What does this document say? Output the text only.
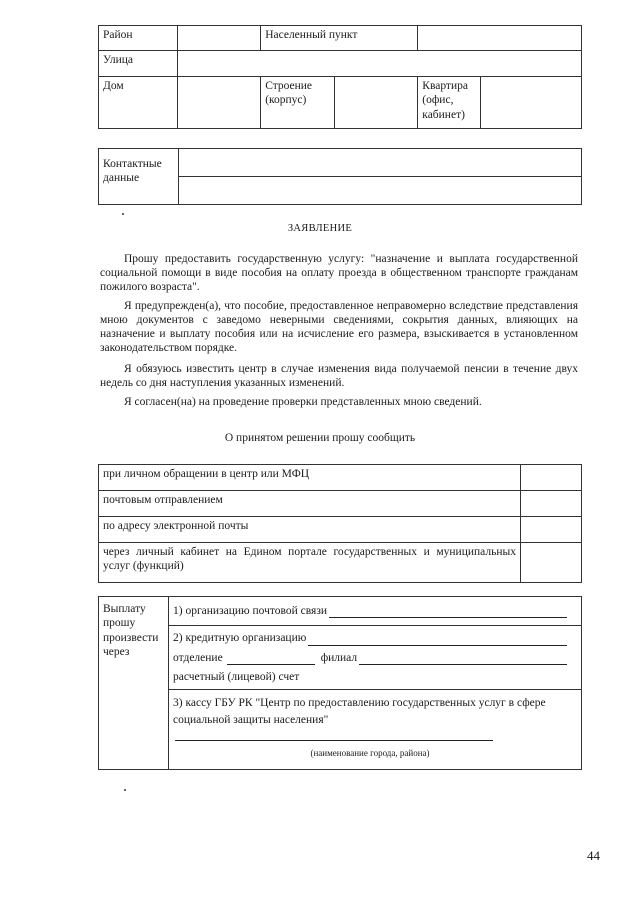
Район		Населенный пункт			
Улица					
Дом		Строение (корпус)		Квартира (офис, кабинет)	
Контактные данные	

ЗАЯВЛЕНИЕ

Прошу предоставить государственную услугу: "назначение и выплата государственной социальной помощи в виде пособия на оплату проезда в общественном транспорте гражданам пожилого возраста".

Я предупрежден(а), что пособие, предоставленное неправомерно вследствие представления мною документов с заведомо неверными сведениями, сокрытия данных, влияющих на назначение и выплату пособия или на исчисление его размера, взыскивается в установленном законодательством порядке.

Я обязуюсь известить центр в случае изменения вида получаемой пенсии в течение двух недель со дня наступления указанных изменений.

Я согласен(на) на проведение проверки представленных мною сведений.

О принятом решении прошу сообщить
при личном обращении в центр или МФЦ	
почтовым отправлением	
по адресу электронной почты	
через личный кабинет на Едином портале государственных и муниципальных услуг (функций)	
Выплату прошу произвести через	
1) организацию почтовой связи

2) кредитную организацию
отделение	филиал
расчетный (лицевой) счет

3) кассу ГБУ РК "Центр по предоставлению государственных услуг в сфере социальной защиты населения"
(наименование города, района)
44
